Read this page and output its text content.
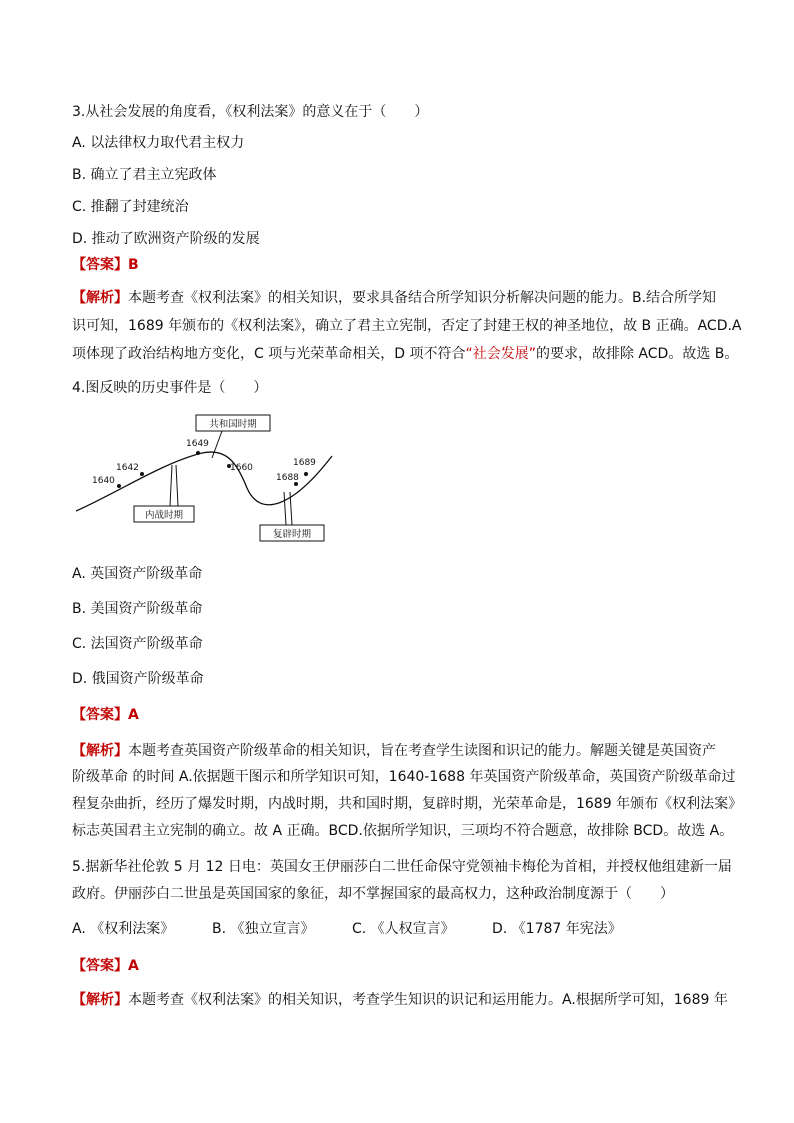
3.从社会发展的角度看，《权利法案》的意义在于（　　）
A. 以法律权力取代君主权力
B. 确立了君主立宪政体
C. 推翻了封建统治
D. 推动了欧洲资产阶级的发展
【答案】B
【解析】本题考查《权利法案》的相关知识，要求具备结合所学知识分析解决问题的能力。B.结合所学知
识可知，1689 年颁布的《权利法案》，确立了君主立宪制，否定了封建王权的神圣地位，故 B 正确。ACD.A
项体现了政治结构地方变化，C 项与光荣革命相关，D 项不符合“社会发展”的要求，故排除 ACD。故选 B。
4.图反映的历史事件是（　　）
1640
1642
1649
1660
1688
1689
共和国时期
内战时期
复辟时期
A. 英国资产阶级革命
B. 美国资产阶级革命
C. 法国资产阶级革命
D. 俄国资产阶级革命
【答案】A
【解析】本题考查英国资产阶级革命的相关知识，旨在考查学生读图和识记的能力。解题关键是英国资产
阶级革命 的时间 A.依据题干图示和所学知识可知，1640-1688 年英国资产阶级革命，英国资产阶级革命过
程复杂曲折，经历了爆发时期，内战时期，共和国时期，复辟时期，光荣革命是，1689 年颁布《权利法案》
标志英国君主立宪制的确立。故 A 正确。BCD.依据所学知识，三项均不符合题意，故排除 BCD。故选 A。
5.据新华社伦敦 5 月 12 日电：英国女王伊丽莎白二世任命保守党领袖卡梅伦为首相，并授权他组建新一届
政府。伊丽莎白二世虽是英国国家的象征，却不掌握国家的最高权力，这种政治制度源于（　　）
A. 《权利法案》	B. 《独立宣言》	C. 《人权宣言》	D. 《1787 年宪法》
【答案】A
【解析】本题考查《权利法案》的相关知识，考查学生知识的识记和运用能力。A.根据所学可知，1689 年
